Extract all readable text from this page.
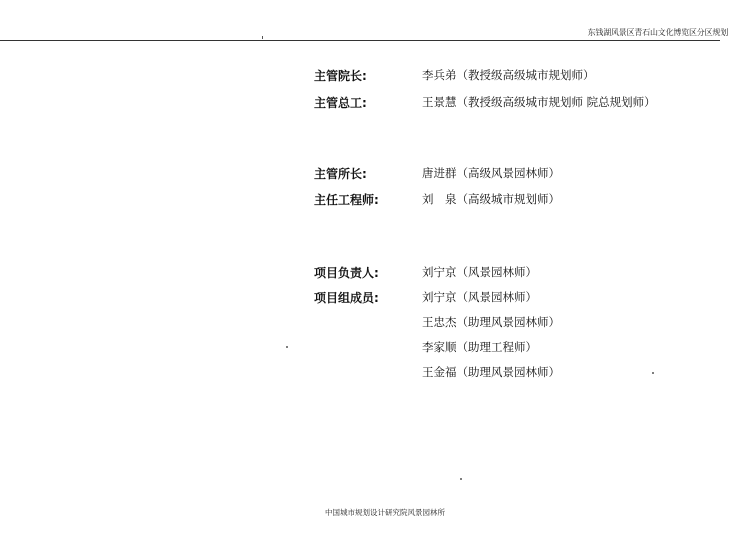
东钱湖风景区青石山文化博览区分区规划
主管院长:	李兵弟（教授级高级城市规划师）
主管总工:	王景慧（教授级高级城市规划师 院总规划师）
主管所长:	唐进群（高级风景园林师）
主任工程师:	刘　泉（高级城市规划师）
项目负责人:	刘宁京（风景园林师）
项目组成员:	刘宁京（风景园林师）
王忠杰（助理风景园林师）
李家顺（助理工程师）
王金福（助理风景园林师）
中国城市规划设计研究院风景园林所
